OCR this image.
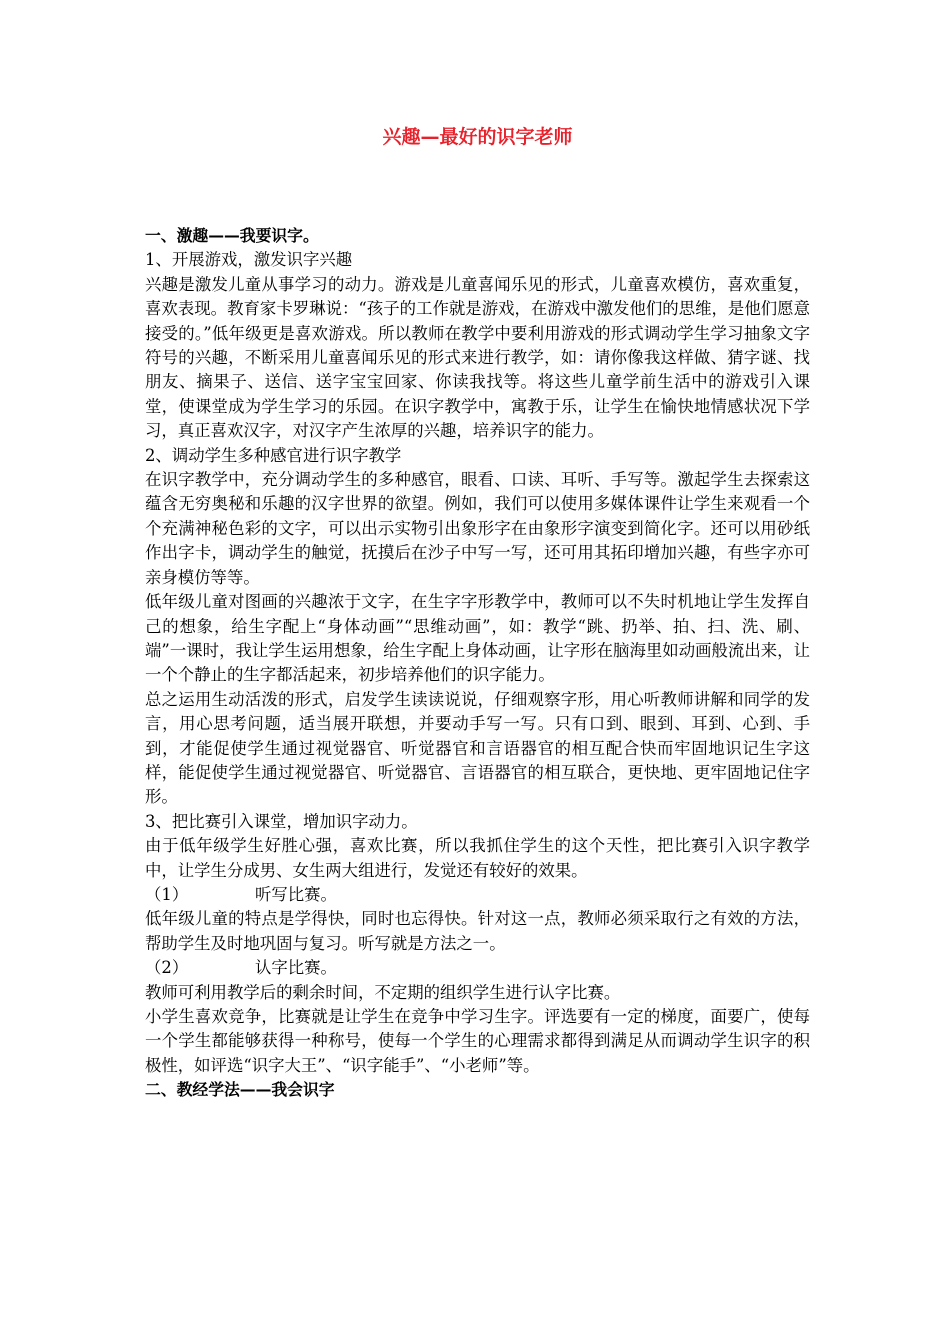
兴趣—最好的识字老师

一、激趣——我要识字。

1、开展游戏，激发识字兴趣

兴趣是激发儿童从事学习的动力。游戏是儿童喜闻乐见的形式，儿童喜欢模仿，喜欢重复，喜欢表现。教育家卡罗琳说：“孩子的工作就是游戏，在游戏中激发他们的思维，是他们愿意接受的。”低年级更是喜欢游戏。所以教师在教学中要利用游戏的形式调动学生学习抽象文字符号的兴趣，不断采用儿童喜闻乐见的形式来进行教学，如：请你像我这样做、猜字谜、找朋友、摘果子、送信、送字宝宝回家、你读我找等。将这些儿童学前生活中的游戏引入课堂，使课堂成为学生学习的乐园。在识字教学中，寓教于乐，让学生在愉快地情感状况下学习，真正喜欢汉字，对汉字产生浓厚的兴趣，培养识字的能力。

2、调动学生多种感官进行识字教学

在识字教学中，充分调动学生的多种感官，眼看、口读、耳听、手写等。激起学生去探索这蕴含无穷奥秘和乐趣的汉字世界的欲望。例如，我们可以使用多媒体课件让学生来观看一个个充满神秘色彩的文字，可以出示实物引出象形字在由象形字演变到简化字。还可以用砂纸作出字卡，调动学生的触觉，抚摸后在沙子中写一写，还可用其拓印增加兴趣，有些字亦可亲身模仿等等。

低年级儿童对图画的兴趣浓于文字，在生字字形教学中，教师可以不失时机地让学生发挥自己的想象，给生字配上“身体动画”“思维动画”，如：教学“跳、扔举、拍、扫、洗、刷、端”一课时，我让学生运用想象，给生字配上身体动画，让字形在脑海里如动画般流出来，让一个个静止的生字都活起来，初步培养他们的识字能力。

总之运用生动活泼的形式，启发学生读读说说，仔细观察字形，用心听教师讲解和同学的发言，用心思考问题，适当展开联想，并要动手写一写。只有口到、眼到、耳到、心到、手到，才能促使学生通过视觉器官、听觉器官和言语器官的相互配合快而牢固地识记生字这样，能促使学生通过视觉器官、听觉器官、言语器官的相互联合，更快地、更牢固地记住字形。

3、把比赛引入课堂，增加识字动力。

由于低年级学生好胜心强，喜欢比赛，所以我抓住学生的这个天性，把比赛引入识字教学中，让学生分成男、女生两大组进行，发觉还有较好的效果。

（1）	听写比赛。

低年级儿童的特点是学得快，同时也忘得快。针对这一点，教师必须采取行之有效的方法，帮助学生及时地巩固与复习。听写就是方法之一。

（2）	认字比赛。

教师可利用教学后的剩余时间，不定期的组织学生进行认字比赛。

小学生喜欢竞争，比赛就是让学生在竞争中学习生字。评选要有一定的梯度，面要广，使每一个学生都能够获得一种称号，使每一个学生的心理需求都得到满足从而调动学生识字的积极性，如评选“识字大王”、“识字能手”、“小老师”等。

二、教经学法——我会识字
